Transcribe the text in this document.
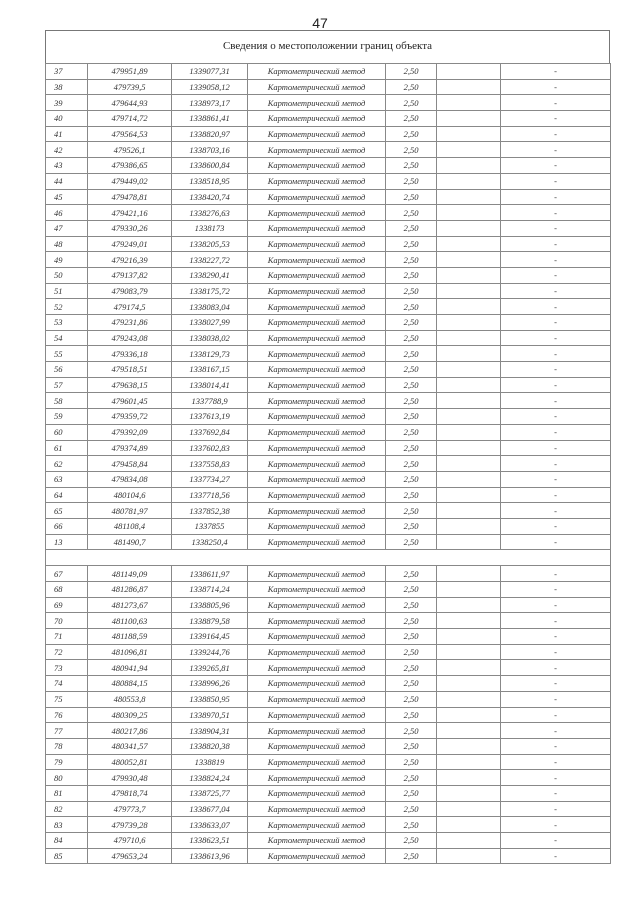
47
Сведения о местоположении границ объекта
37	479951,89	1339077,31	Картометрический метод	2,50		-
38	479739,5	1339058,12	Картометрический метод	2,50		-
39	479644,93	1338973,17	Картометрический метод	2,50		-
40	479714,72	1338861,41	Картометрический метод	2,50		-
41	479564,53	1338820,97	Картометрический метод	2,50		-
42	479526,1	1338703,16	Картометрический метод	2,50		-
43	479386,65	1338600,84	Картометрический метод	2,50		-
44	479449,02	1338518,95	Картометрический метод	2,50		-
45	479478,81	1338420,74	Картометрический метод	2,50		-
46	479421,16	1338276,63	Картометрический метод	2,50		-
47	479330,26	1338173	Картометрический метод	2,50		-
48	479249,01	1338205,53	Картометрический метод	2,50		-
49	479216,39	1338227,72	Картометрический метод	2,50		-
50	479137,82	1338290,41	Картометрический метод	2,50		-
51	479083,79	1338175,72	Картометрический метод	2,50		-
52	479174,5	1338083,04	Картометрический метод	2,50		-
53	479231,86	1338027,99	Картометрический метод	2,50		-
54	479243,08	1338038,02	Картометрический метод	2,50		-
55	479336,18	1338129,73	Картометрический метод	2,50		-
56	479518,51	1338167,15	Картометрический метод	2,50		-
57	479638,15	1338014,41	Картометрический метод	2,50		-
58	479601,45	1337788,9	Картометрический метод	2,50		-
59	479359,72	1337613,19	Картометрический метод	2,50		-
60	479392,09	1337692,84	Картометрический метод	2,50		-
61	479374,89	1337602,83	Картометрический метод	2,50		-
62	479458,84	1337558,83	Картометрический метод	2,50		-
63	479834,08	1337734,27	Картометрический метод	2,50		-
64	480104,6	1337718,56	Картометрический метод	2,50		-
65	480781,97	1337852,38	Картометрический метод	2,50		-
66	481108,4	1337855	Картометрический метод	2,50		-
13	481490,7	1338250,4	Картометрический метод	2,50		-

67	481149,09	1338611,97	Картометрический метод	2,50		-
68	481286,87	1338714,24	Картометрический метод	2,50		-
69	481273,67	1338805,96	Картометрический метод	2,50		-
70	481100,63	1338879,58	Картометрический метод	2,50		-
71	481188,59	1339164,45	Картометрический метод	2,50		-
72	481096,81	1339244,76	Картометрический метод	2,50		-
73	480941,94	1339265,81	Картометрический метод	2,50		-
74	480884,15	1338996,26	Картометрический метод	2,50		-
75	480553,8	1338850,95	Картометрический метод	2,50		-
76	480309,25	1338970,51	Картометрический метод	2,50		-
77	480217,86	1338904,31	Картометрический метод	2,50		-
78	480341,57	1338820,38	Картометрический метод	2,50		-
79	480052,81	1338819	Картометрический метод	2,50		-
80	479930,48	1338824,24	Картометрический метод	2,50		-
81	479818,74	1338725,77	Картометрический метод	2,50		-
82	479773,7	1338677,04	Картометрический метод	2,50		-
83	479739,28	1338633,07	Картометрический метод	2,50		-
84	479710,6	1338623,51	Картометрический метод	2,50		-
85	479653,24	1338613,96	Картометрический метод	2,50		-
